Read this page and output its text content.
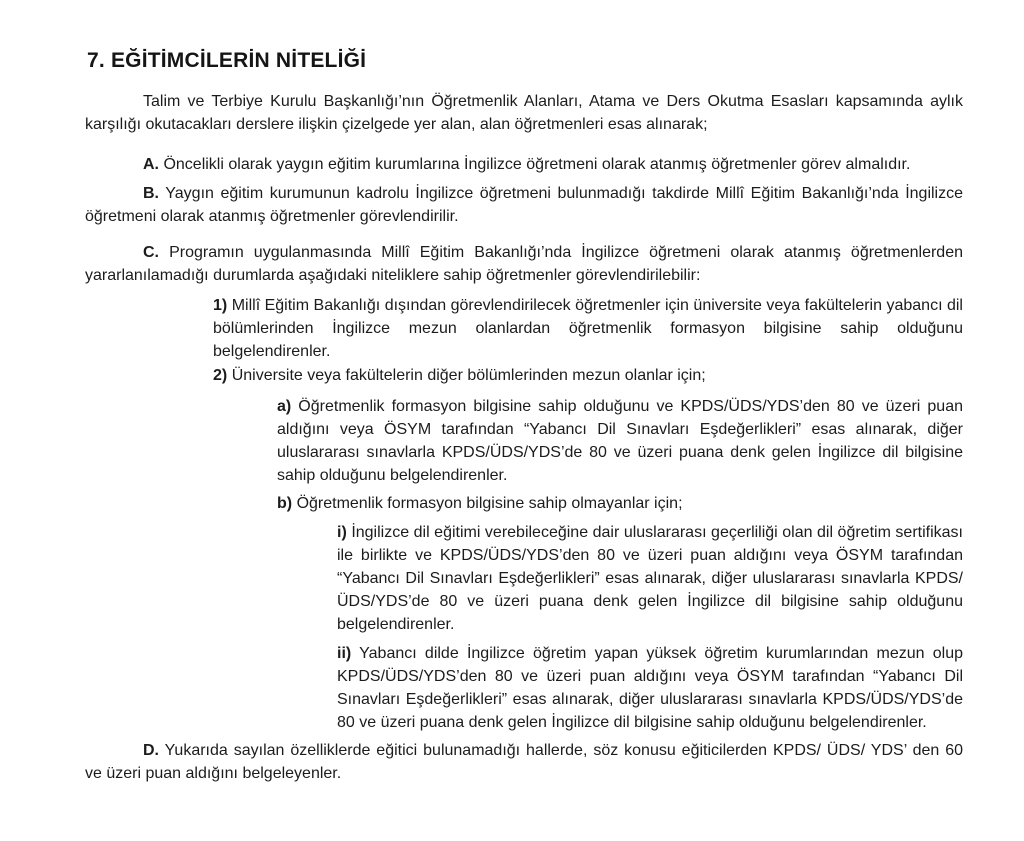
7. EĞİTİMCİLERİN NİTELİĞİ

Talim ve Terbiye Kurulu Başkanlığı’nın Öğretmenlik Alanları, Atama ve Ders Okutma Esasları kapsamında aylık karşılığı okutacakları derslere ilişkin çizelgede yer alan, alan öğretmenleri esas alınarak;

A. Öncelikli olarak yaygın eğitim kurumlarına İngilizce öğretmeni olarak atanmış öğretmenler görev almalıdır.

B. Yaygın eğitim kurumunun kadrolu İngilizce öğretmeni bulunmadığı takdirde Millî Eğitim Bakanlığı’nda İngilizce öğretmeni olarak atanmış öğretmenler görevlendirilir.

C. Programın uygulanmasında Millî Eğitim Bakanlığı’nda İngilizce öğretmeni olarak atanmış öğretmenlerden yararlanılamadığı durumlarda aşağıdaki niteliklere sahip öğretmenler görevlendirilebilir:

1) Millî Eğitim Bakanlığı dışından görevlendirilecek öğretmenler için üniversite veya fakültelerin yabancı dil bölümlerinden İngilizce mezun olanlardan öğretmenlik formasyon bilgisine sahip olduğunu belgelendirenler.

2) Üniversite veya fakültelerin diğer bölümlerinden mezun olanlar için;

a) Öğretmenlik formasyon bilgisine sahip olduğunu ve KPDS/ÜDS/YDS’den 80 ve üzeri puan aldığını veya ÖSYM tarafından “Yabancı Dil Sınavları Eşdeğerlikleri” esas alınarak, diğer uluslararası sınavlarla KPDS/ÜDS/YDS’de 80 ve üzeri puana denk gelen İngilizce dil bilgisine sahip olduğunu belgelendirenler.

b) Öğretmenlik formasyon bilgisine sahip olmayanlar için;

i) İngilizce dil eğitimi verebileceğine dair uluslararası geçerliliği olan dil öğretim sertifikası ile birlikte ve KPDS/ÜDS/YDS’den 80 ve üzeri puan aldığını veya ÖSYM tarafından “Yabancı Dil Sınavları Eşdeğerlikleri” esas alınarak, diğer uluslararası sınavlarla KPDS/ÜDS/YDS’de 80 ve üzeri puana denk gelen İngilizce dil bilgisine sahip olduğunu belgelendirenler.

ii) Yabancı dilde İngilizce öğretim yapan yüksek öğretim kurumlarından mezun olup KPDS/ÜDS/YDS’den 80 ve üzeri puan aldığını veya ÖSYM tarafından “Yabancı Dil Sınavları Eşdeğerlikleri” esas alınarak, diğer uluslararası sınavlarla KPDS/ÜDS/YDS’de 80 ve üzeri puana denk gelen İngilizce dil bilgisine sahip olduğunu belgelendirenler.

D. Yukarıda sayılan özelliklerde eğitici bulunamadığı hallerde, söz konusu eğiticilerden KPDS/ ÜDS/ YDS’ den 60 ve üzeri puan aldığını belgeleyenler.
